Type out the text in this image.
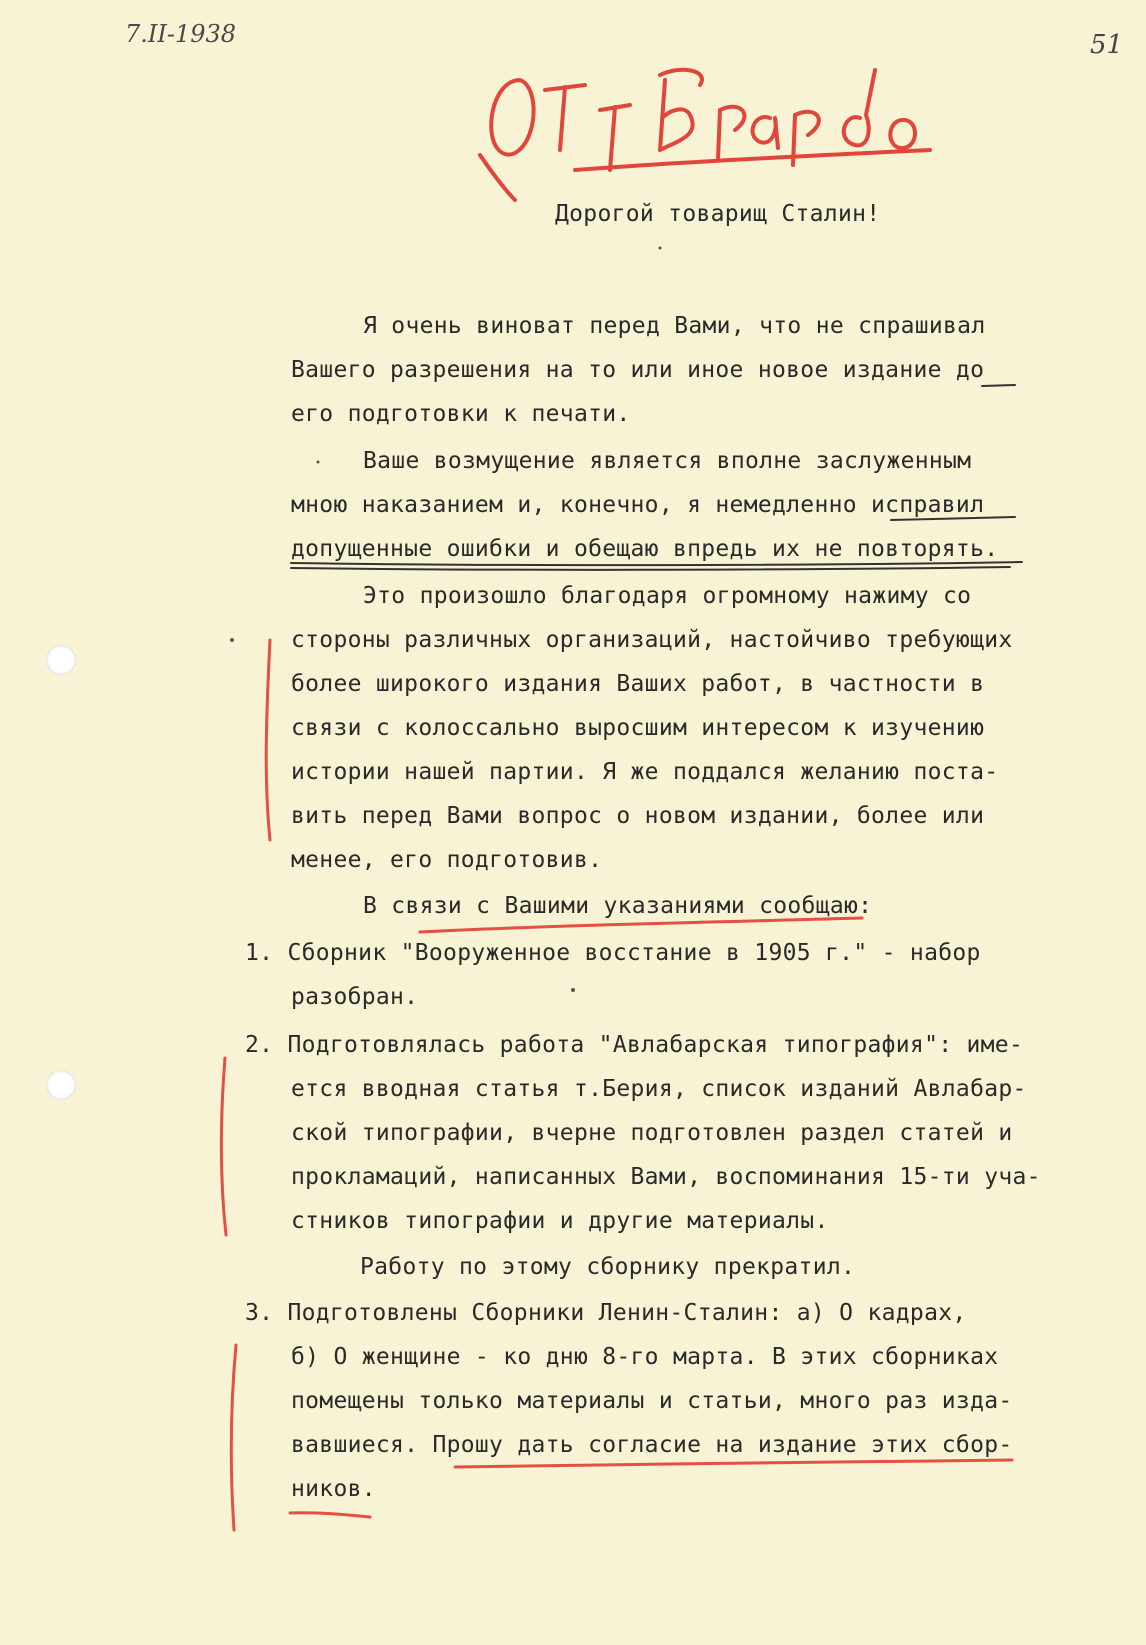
7.II-1938	51
Дорогой товарищ Сталин!
Я очень виноват перед Вами, что не спрашивал
Вашего разрешения на то или иное новое издание до
его подготовки к печати.
Ваше возмущение является вполне заслуженным
мною наказанием и, конечно, я немедленно исправил
допущенные ошибки и обещаю впредь их не повторять.
Это произошло благодаря огромному нажиму со
стороны различных организаций, настойчиво требующих
более широкого издания Ваших работ, в частности в
связи с колоссально выросшим интересом к изучению
истории нашей партии. Я же поддался желанию поста-
вить перед Вами вопрос о новом издании, более или
менее, его подготовив.
В связи с Вашими указаниями сообщаю:
1. Сборник "Вооруженное восстание в 1905 г." - набор
разобран.
2. Подготовлялась работа "Авлабарская типография": име-
ется вводная статья т.Берия, список изданий Авлабар-
ской типографии, вчерне подготовлен раздел статей и
прокламаций, написанных Вами, воспоминания 15-ти уча-
стников типографии и другие материалы.
Работу по этому сборнику прекратил.
3. Подготовлены Сборники Ленин-Сталин: а) О кадрах,
б) О женщине - ко дню 8-го марта. В этих сборниках
помещены только материалы и статьи, много раз изда-
вавшиеся. Прошу дать согласие на издание этих сбор-
ников.
